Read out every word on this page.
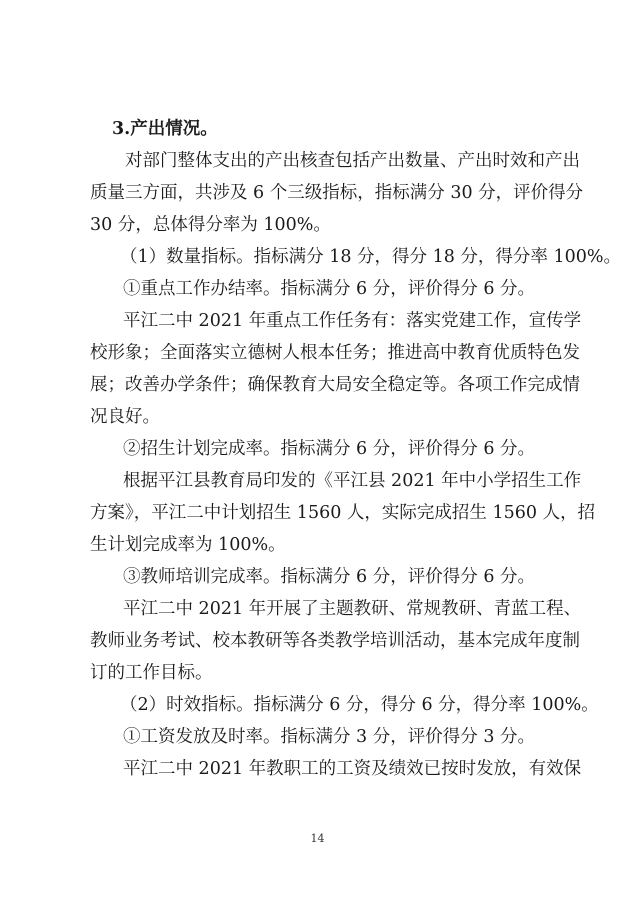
3.产出情况。
对部门整体支出的产出核查包括产出数量、产出时效和产出
质量三方面，共涉及 6 个三级指标，指标满分 30 分，评价得分
30 分，总体得分率为 100%。
（1）数量指标。指标满分 18 分，得分 18 分，得分率 100%。
①重点工作办结率。指标满分 6 分，评价得分 6 分。
平江二中 2021 年重点工作任务有：落实党建工作，宣传学
校形象；全面落实立德树人根本任务；推进高中教育优质特色发
展；改善办学条件；确保教育大局安全稳定等。各项工作完成情
况良好。
②招生计划完成率。指标满分 6 分，评价得分 6 分。
根据平江县教育局印发的《平江县 2021 年中小学招生工作
方案》，平江二中计划招生 1560 人，实际完成招生 1560 人，招
生计划完成率为 100%。
③教师培训完成率。指标满分 6 分，评价得分 6 分。
平江二中 2021 年开展了主题教研、常规教研、青蓝工程、
教师业务考试、校本教研等各类教学培训活动，基本完成年度制
订的工作目标。
（2）时效指标。指标满分 6 分，得分 6 分，得分率 100%。
①工资发放及时率。指标满分 3 分，评价得分 3 分。
平江二中 2021 年教职工的工资及绩效已按时发放，有效保
14
